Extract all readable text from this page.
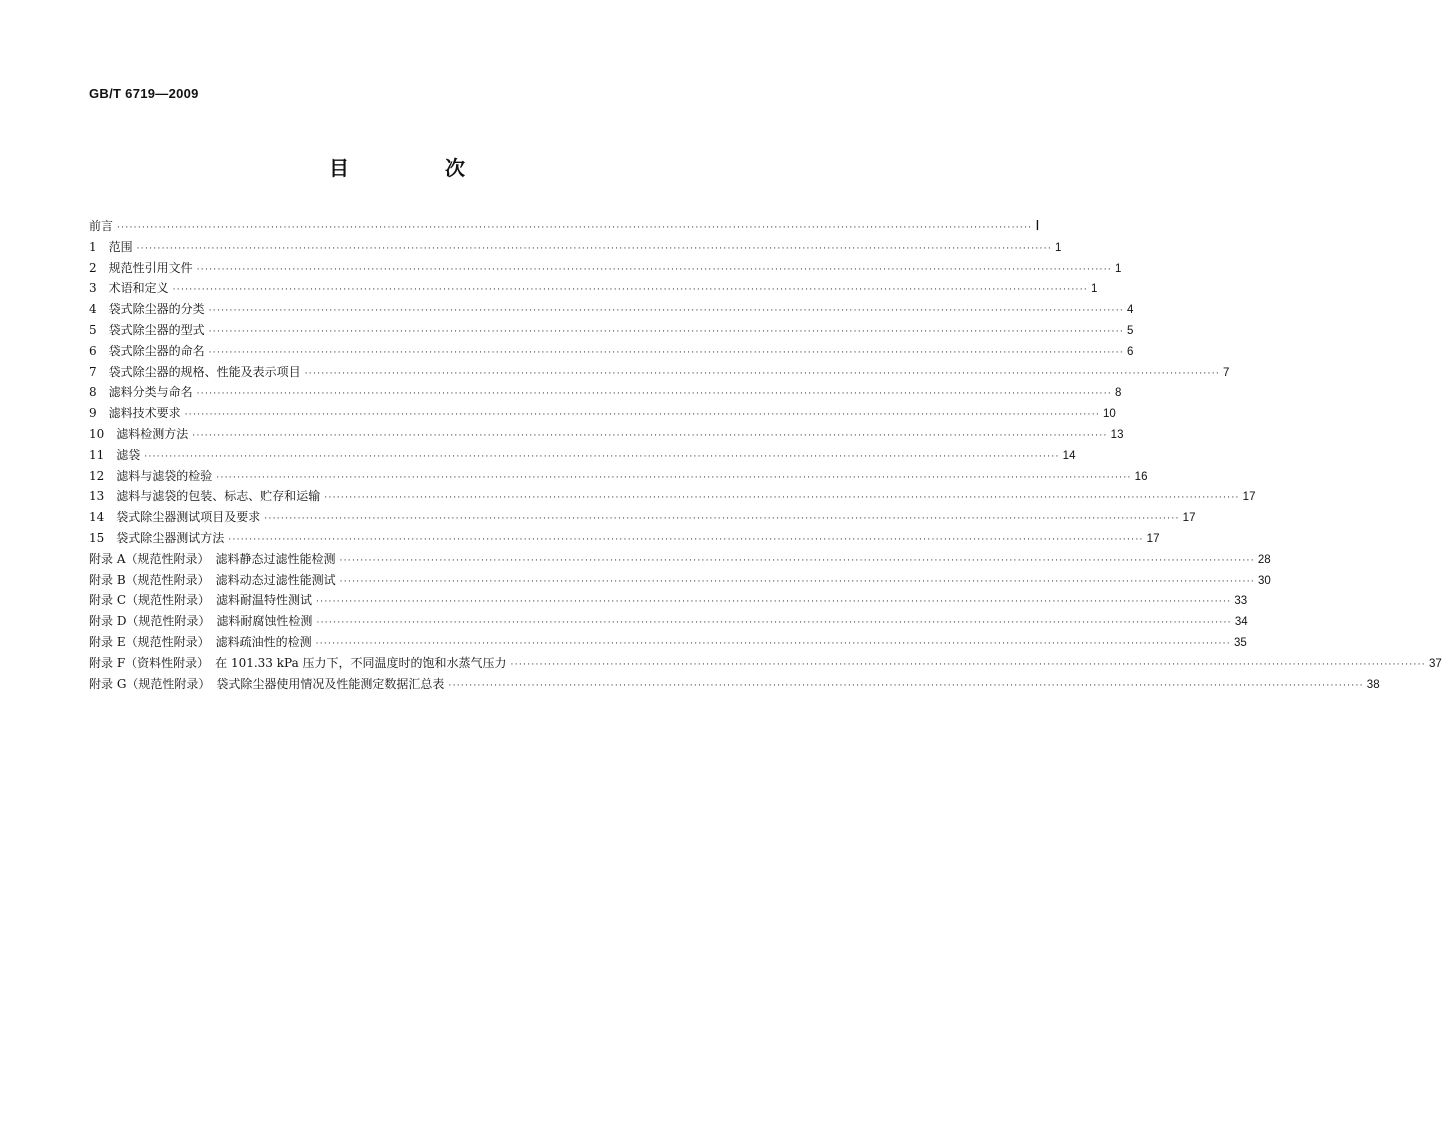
GB/T 6719—2009
目　次
前言 ···························································································································································································································· Ⅰ
1　范围 ···························································································································································································································· 1
2　规范性引用文件 ···························································································································································································································· 1
3　术语和定义 ···························································································································································································································· 1
4　袋式除尘器的分类 ···························································································································································································································· 4
5　袋式除尘器的型式 ···························································································································································································································· 5
6　袋式除尘器的命名 ···························································································································································································································· 6
7　袋式除尘器的规格、性能及表示项目 ···························································································································································································································· 7
8　滤料分类与命名 ···························································································································································································································· 8
9　滤料技术要求 ···························································································································································································································· 10
10　滤料检测方法 ···························································································································································································································· 13
11　滤袋 ···························································································································································································································· 14
12　滤料与滤袋的检验 ···························································································································································································································· 16
13　滤料与滤袋的包装、标志、贮存和运输 ···························································································································································································································· 17
14　袋式除尘器测试项目及要求 ···························································································································································································································· 17
15　袋式除尘器测试方法 ···························································································································································································································· 17
附录 A（规范性附录）　滤料静态过滤性能检测 ···························································································································································································································· 28
附录 B（规范性附录）　滤料动态过滤性能测试 ···························································································································································································································· 30
附录 C（规范性附录）　滤料耐温特性测试 ···························································································································································································································· 33
附录 D（规范性附录）　滤料耐腐蚀性检测 ···························································································································································································································· 34
附录 E（规范性附录）　滤料疏油性的检测 ···························································································································································································································· 35
附录 F（资料性附录）　在 101.33 kPa 压力下，不同温度时的饱和水蒸气压力 ···························································································································································································································· 37
附录 G（规范性附录）　袋式除尘器使用情况及性能测定数据汇总表 ···························································································································································································································· 38
